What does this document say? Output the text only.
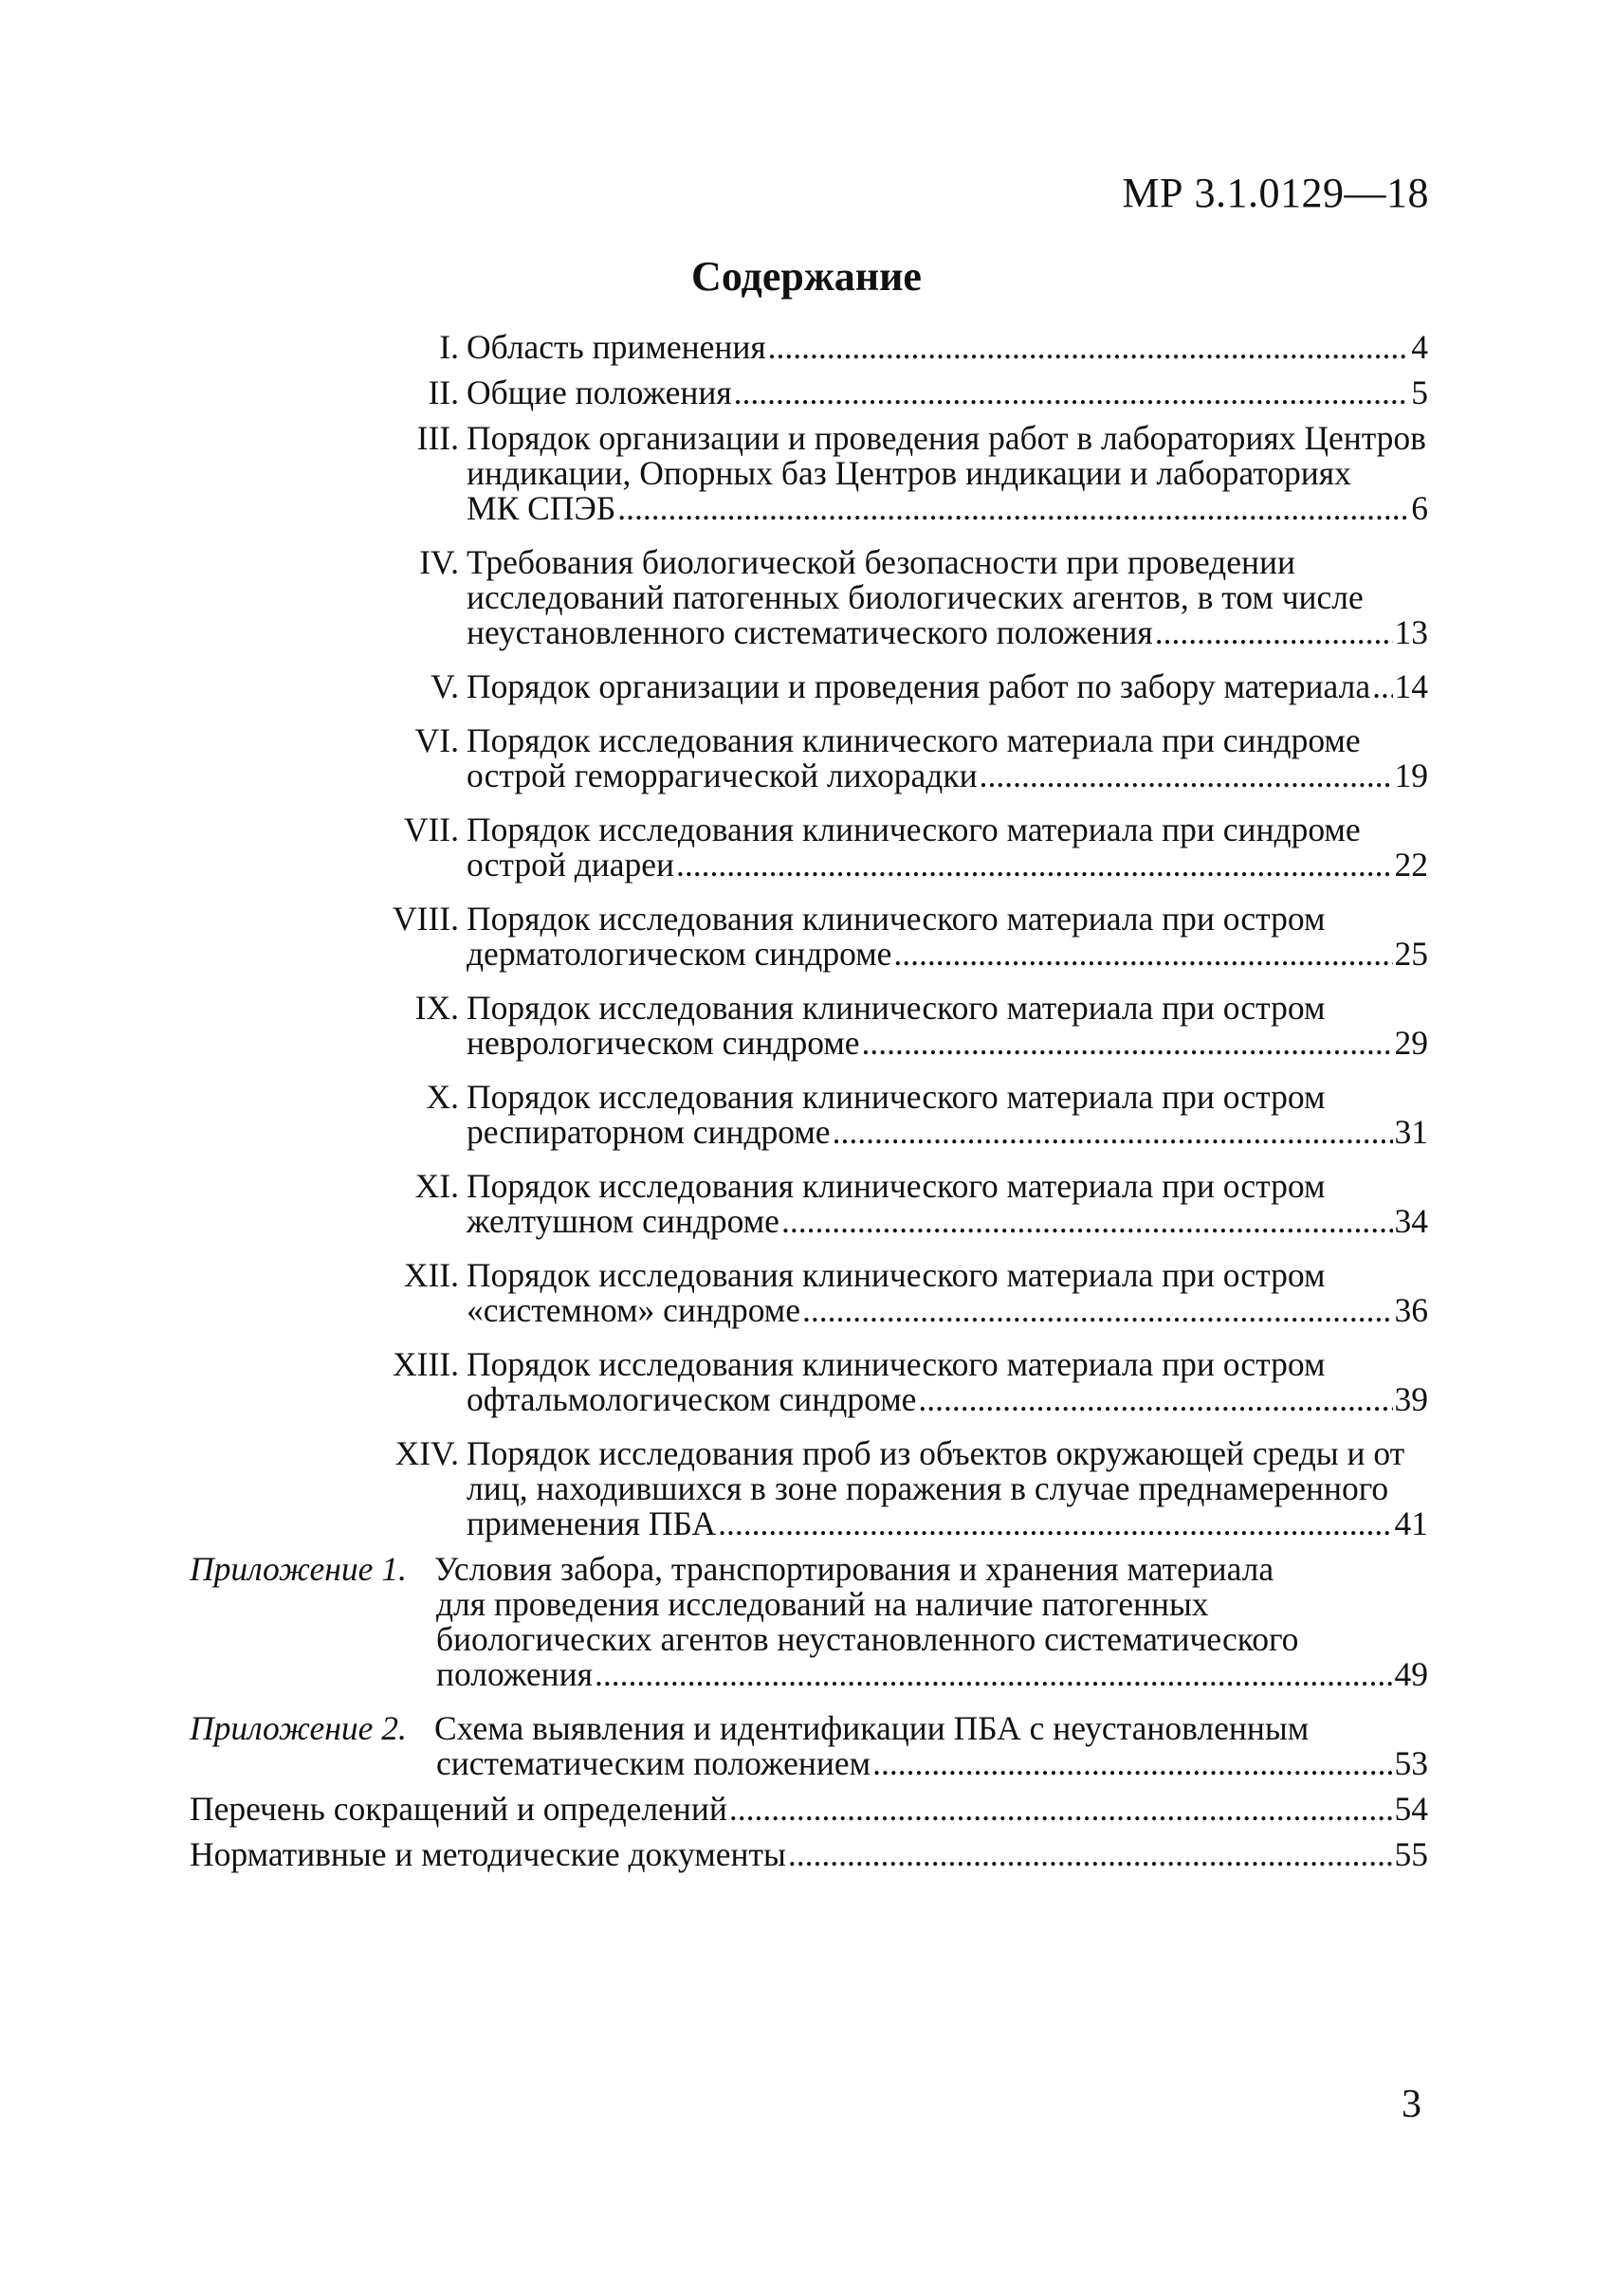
МР 3.1.0129—18
Содержание
I. Область применения .....	4
II. Общие положения .....	5
III. Порядок организации и проведения работ в лабораториях Центров
индикации, Опорных баз Центров индикации и лабораториях
МК СПЭБ .....	6
IV. Требования биологической безопасности при проведении
исследований патогенных биологических агентов, в том числе
неустановленного систематического положения .....	13
V. Порядок организации и проведения работ по забору материала ..... 14
VI. Порядок исследования клинического материала при синдроме
острой геморрагической лихорадки .....	19
VII. Порядок исследования клинического материала при синдроме
острой диареи .....	22
VIII. Порядок исследования клинического материала при остром
дерматологическом синдроме .....	25
IX. Порядок исследования клинического материала при остром
неврологическом синдроме .....	29
X. Порядок исследования клинического материала при остром
респираторном синдроме .....	31
XI. Порядок исследования клинического материала при остром
желтушном синдроме .....	34
XII. Порядок исследования клинического материала при остром
«системном» синдроме .....	36
XIII. Порядок исследования клинического материала при остром
офтальмологическом синдроме .....	39
XIV. Порядок исследования проб из объектов окружающей среды и от
лиц, находившихся в зоне поражения в случае преднамеренного
применения ПБА .....	41
Приложение 1. Условия забора, транспортирования и хранения материала
для проведения исследований на наличие патогенных
биологических агентов неустановленного систематического
положения .....	49
Приложение 2. Схема выявления и идентификации ПБА с неустановленным
систематическим положением .....	53
Перечень сокращений и определений .....	54
Нормативные и методические документы .....	55
3
